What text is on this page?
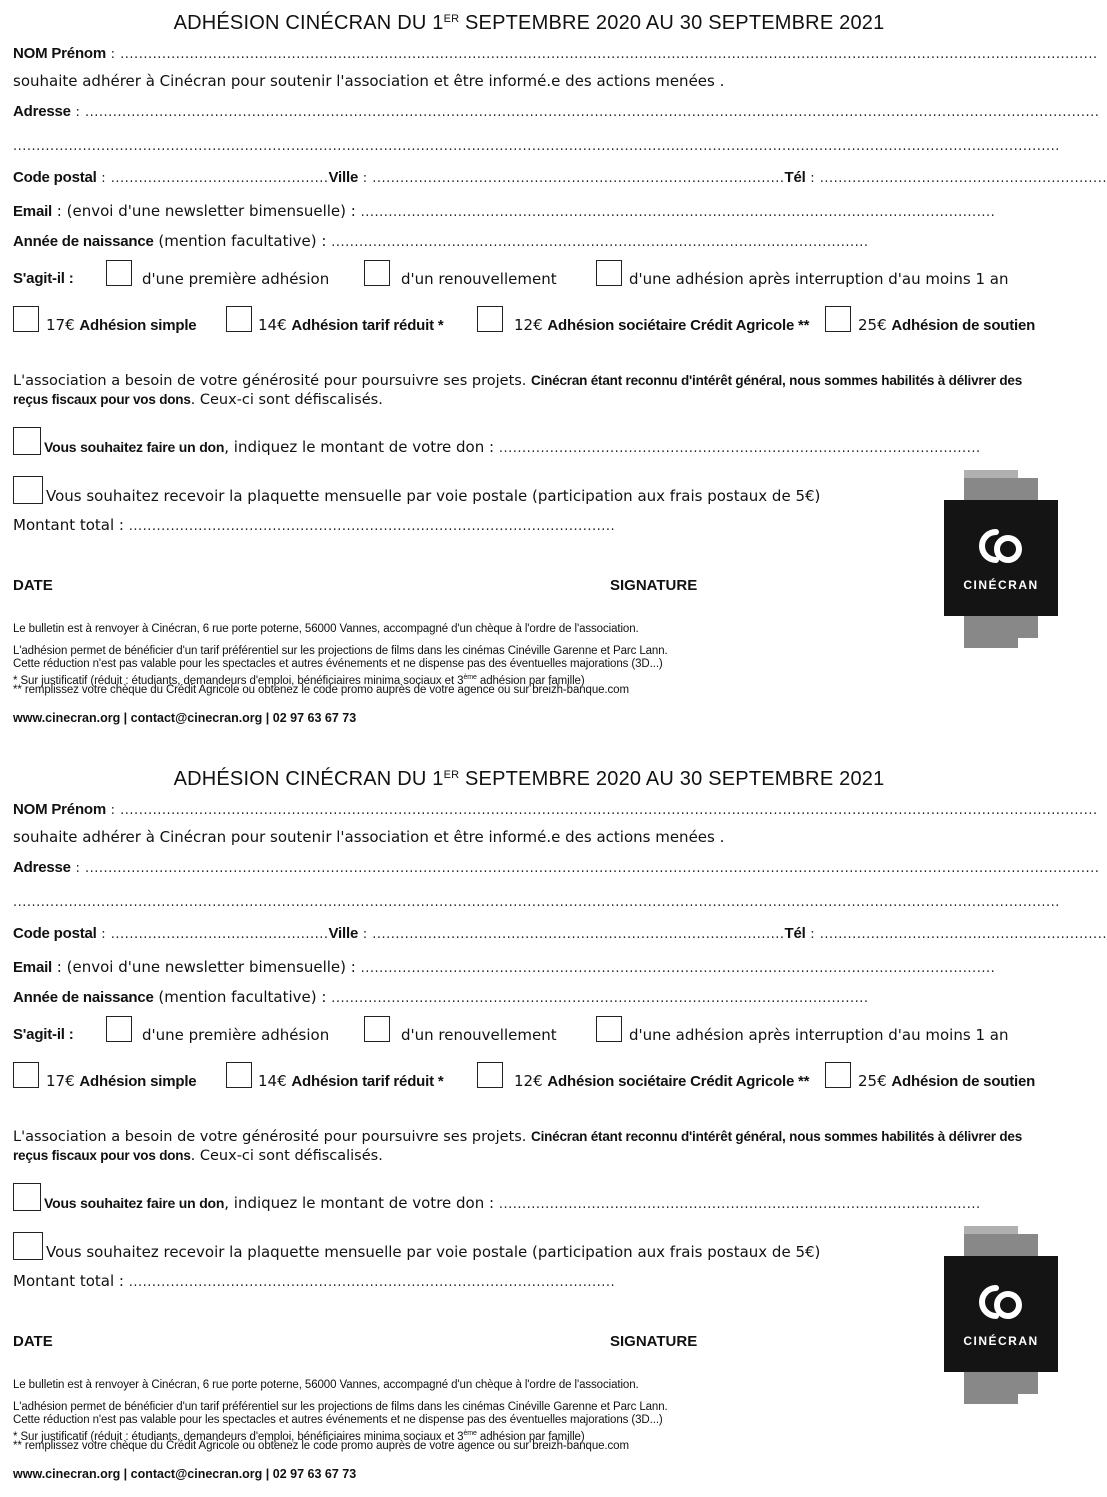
ADHÉSION CINÉCRAN DU 1ER SEPTEMBRE 2020 AU 30 SEPTEMBRE 2021
NOM Prénom : ...................................................................................................................................................................................................................
souhaite adhérer à Cinécran pour soutenir l'association et être informé.e des actions menées .
Adresse : ...........................................................................................................................................................................................................................
..................................................................................................................................................................................................................................
Code postal : ...............................................Ville : .........................................................................................Tél : ..............................................................
Email : (envoi d'une newsletter bimensuelle) : .........................................................................................................................................
Année de naissance (mention facultative) : ....................................................................................................................
S'agit-il :	d'une première adhésion	d'un renouvellement	d'une adhésion après interruption d'au moins 1 an
17€ Adhésion simple	14€ Adhésion tarif réduit *	12€ Adhésion sociétaire Crédit Agricole **	25€ Adhésion de soutien
L'association a besoin de votre générosité pour poursuivre ses projets. Cinécran étant reconnu d'intérêt général, nous sommes habilités à délivrer des
reçus fiscaux pour vos dons. Ceux-ci sont défiscalisés.
Vous souhaitez faire un don, indiquez le montant de votre don : ........................................................................................................
Vous souhaitez recevoir la plaquette mensuelle par voie postale (participation aux frais postaux de 5€)
Montant total : .........................................................................................................
DATE	SIGNATURE
Le bulletin est à renvoyer à Cinécran, 6 rue porte poterne, 56000 Vannes, accompagné d'un chèque à l'ordre de l'association.
L'adhésion permet de bénéficier d'un tarif préférentiel sur les projections de films dans les cinémas Cinéville Garenne et Parc Lann.
Cette réduction n'est pas valable pour les spectacles et autres événements et ne dispense pas des éventuelles majorations (3D...)
* Sur justificatif (réduit : étudiants, demandeurs d'emploi, bénéficiaires minima sociaux et 3ème adhésion par famille)
** remplissez votre chèque du Crédit Agricole ou obtenez le code promo auprès de votre agence ou sur breizh-banque.com
www.cinecran.org | contact@cinecran.org | 02 97 63 67 73
CINÉCRAN
ADHÉSION CINÉCRAN DU 1ER SEPTEMBRE 2020 AU 30 SEPTEMBRE 2021
NOM Prénom : ...................................................................................................................................................................................................................
souhaite adhérer à Cinécran pour soutenir l'association et être informé.e des actions menées .
Adresse : ...........................................................................................................................................................................................................................
..................................................................................................................................................................................................................................
Code postal : ...............................................Ville : .........................................................................................Tél : ..............................................................
Email : (envoi d'une newsletter bimensuelle) : .........................................................................................................................................
Année de naissance (mention facultative) : ....................................................................................................................
S'agit-il :	d'une première adhésion	d'un renouvellement	d'une adhésion après interruption d'au moins 1 an
17€ Adhésion simple	14€ Adhésion tarif réduit *	12€ Adhésion sociétaire Crédit Agricole **	25€ Adhésion de soutien
L'association a besoin de votre générosité pour poursuivre ses projets. Cinécran étant reconnu d'intérêt général, nous sommes habilités à délivrer des
reçus fiscaux pour vos dons. Ceux-ci sont défiscalisés.
Vous souhaitez faire un don, indiquez le montant de votre don : ........................................................................................................
Vous souhaitez recevoir la plaquette mensuelle par voie postale (participation aux frais postaux de 5€)
Montant total : .........................................................................................................
DATE	SIGNATURE
Le bulletin est à renvoyer à Cinécran, 6 rue porte poterne, 56000 Vannes, accompagné d'un chèque à l'ordre de l'association.
L'adhésion permet de bénéficier d'un tarif préférentiel sur les projections de films dans les cinémas Cinéville Garenne et Parc Lann.
Cette réduction n'est pas valable pour les spectacles et autres événements et ne dispense pas des éventuelles majorations (3D...)
* Sur justificatif (réduit : étudiants, demandeurs d'emploi, bénéficiaires minima sociaux et 3ème adhésion par famille)
** remplissez votre chèque du Crédit Agricole ou obtenez le code promo auprès de votre agence ou sur breizh-banque.com
www.cinecran.org | contact@cinecran.org | 02 97 63 67 73
CINÉCRAN
